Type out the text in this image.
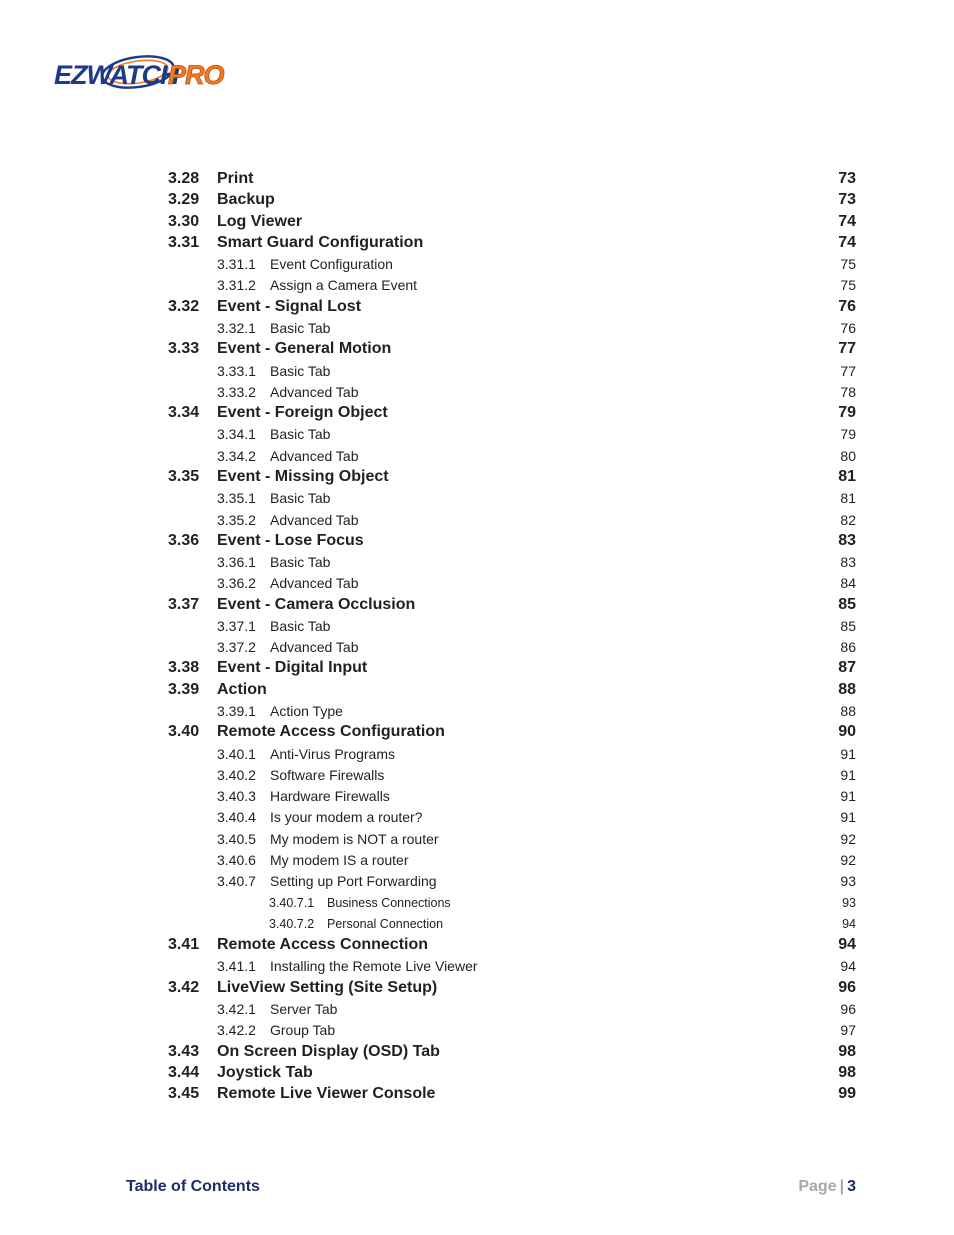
EZWATCH
PRO
3.28 Print	73
3.29 Backup	73
3.30 Log Viewer	74
3.31 Smart Guard Configuration	74
3.31.1 Event Configuration	75
3.31.2 Assign a Camera Event	75
3.32 Event - Signal Lost	76
3.32.1 Basic Tab	76
3.33 Event - General Motion	77
3.33.1 Basic Tab	77
3.33.2 Advanced Tab	78
3.34 Event - Foreign Object	79
3.34.1 Basic Tab	79
3.34.2 Advanced Tab	80
3.35 Event - Missing Object	81
3.35.1 Basic Tab	81
3.35.2 Advanced Tab	82
3.36 Event - Lose Focus	83
3.36.1 Basic Tab	83
3.36.2 Advanced Tab	84
3.37 Event - Camera Occlusion	85
3.37.1 Basic Tab	85
3.37.2 Advanced Tab	86
3.38 Event - Digital Input	87
3.39 Action	88
3.39.1 Action Type	88
3.40 Remote Access Configuration	90
3.40.1 Anti-Virus Programs	91
3.40.2 Software Firewalls	91
3.40.3 Hardware Firewalls	91
3.40.4 Is your modem a router?	91
3.40.5 My modem is NOT a router	92
3.40.6 My modem IS a router	92
3.40.7 Setting up Port Forwarding	93
3.40.7.1 Business Connections	93
3.40.7.2 Personal Connection	94
3.41 Remote Access Connection	94
3.41.1 Installing the Remote Live Viewer	94
3.42 LiveView Setting (Site Setup)	96
3.42.1 Server Tab	96
3.42.2 Group Tab	97
3.43 On Screen Display (OSD) Tab	98
3.44 Joystick Tab	98
3.45 Remote Live Viewer Console	99
Table of Contents	Page | 3
